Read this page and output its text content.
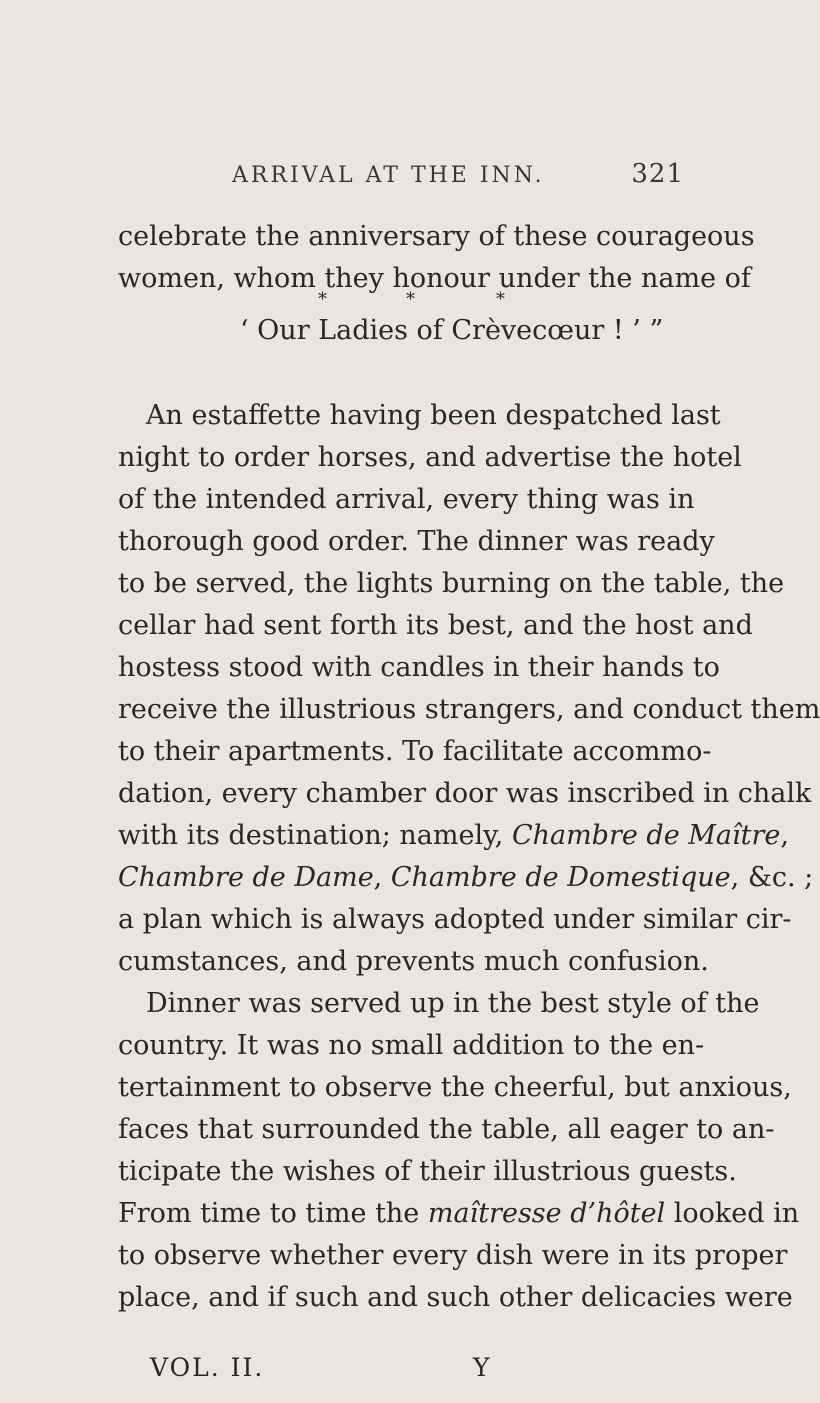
ARRIVAL AT THE INN.	321
celebrate the anniversary of these courageous
women, whom they honour under the name of
‘ Our Ladies of Crèvecœur ! ’ ”
*	*	*
An estaffette having been despatched last
night to order horses, and advertise the hotel
of the intended arrival, every thing was in
thorough good order. The dinner was ready
to be served, the lights burning on the table, the
cellar had sent forth its best, and the host and
hostess stood with candles in their hands to
receive the illustrious strangers, and conduct them
to their apartments. To facilitate accommo-
dation, every chamber door was inscribed in chalk
with its destination; namely, Chambre de Maître,
Chambre de Dame, Chambre de Domestique, &c. ;
a plan which is always adopted under similar cir-
cumstances, and prevents much confusion.
Dinner was served up in the best style of the
country. It was no small addition to the en-
tertainment to observe the cheerful, but anxious,
faces that surrounded the table, all eager to an-
ticipate the wishes of their illustrious guests.
From time to time the maîtresse d’hôtel looked in
to observe whether every dish were in its proper
place, and if such and such other delicacies were
VOL. II.	Y
